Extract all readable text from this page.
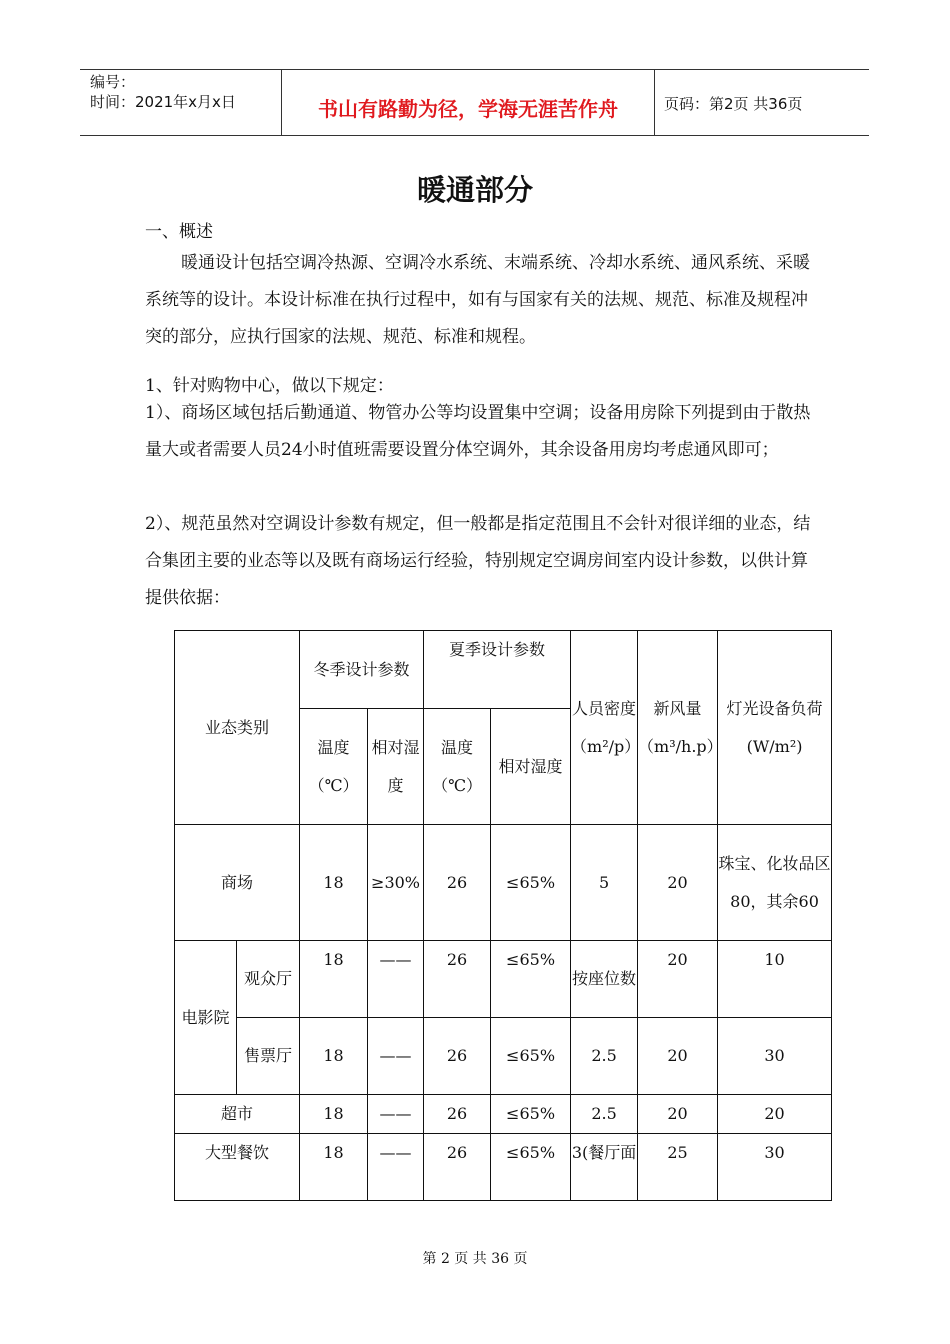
编号：
时间：2021年x月x日	书山有路勤为径，学海无涯苦作舟	页码：第2页 共36页
暖通部分
一、概述
暖通设计包括空调冷热源、空调冷水系统、末端系统、冷却水系统、通风系统、采暖系统等的设计。本设计标准在执行过程中，如有与国家有关的法规、规范、标准及规程冲突的部分，应执行国家的法规、规范、标准和规程。
1、针对购物中心，做以下规定：
1）、商场区域包括后勤通道、物管办公等均设置集中空调；设备用房除下列提到由于散热量大或者需要人员24小时值班需要设置分体空调外，其余设备用房均考虑通风即可；
2）、规范虽然对空调设计参数有规定，但一般都是指定范围且不会针对很详细的业态，结合集团主要的业态等以及既有商场运行经验，特别规定空调房间室内设计参数，以供计算提供依据：
业态类别		冬季设计参数		夏季设计参数		人员密度（m²/p）	新风量（m³/h.p）	灯光设备负荷(W/m²)
		温度（℃）	相对湿度	温度（℃）	相对湿度			
商场		18	≥30%	26	≤65%	5	20	珠宝、化妆品区80，其余60
电影院	观众厅	18	——	26	≤65%	按座位数	20	10
	售票厅	18	——	26	≤65%	2.5	20	30
超市		18	——	26	≤65%	2.5	20	20
大型餐饮		18	——	26	≤65%	3(餐厅面	25	30
第 2 页 共 36 页
